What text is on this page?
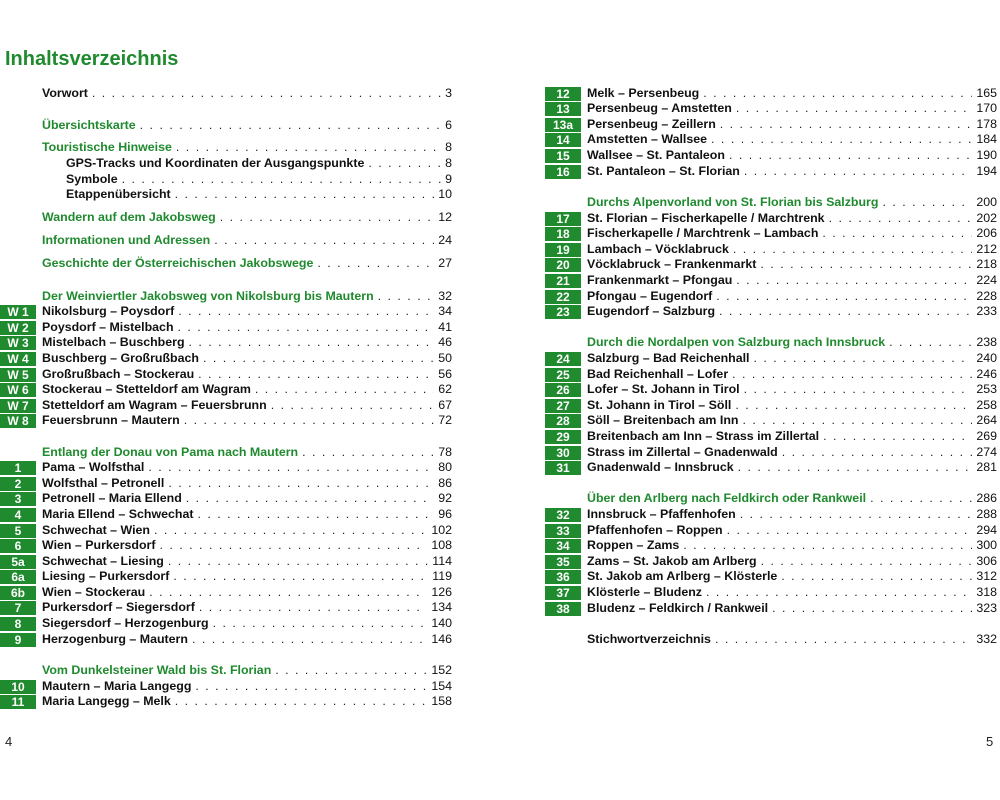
Inhaltsverzeichnis
Vorwort . . .	3
Übersichtskarte . . .	6
Touristische Hinweise . . .	8
GPS-Tracks und Koordinaten der Ausgangspunkte . . .	8
Symbole . . .	9
Etappenübersicht . . .	10
Wandern auf dem Jakobsweg . . .	12
Informationen und Adressen . . .	24
Geschichte der Österreichischen Jakobswege . . .	27
Der Weinviertler Jakobsweg von Nikolsburg bis Mautern . . .	32
W 1	Nikolsburg – Poysdorf . . .	34
W 2	Poysdorf – Mistelbach . . .	41
W 3	Mistelbach – Buschberg . . .	46
W 4	Buschberg – Großrußbach . . .	50
W 5	Großrußbach – Stockerau . . .	56
W 6	Stockerau – Stetteldorf am Wagram . . .	62
W 7	Stetteldorf am Wagram – Feuersbrunn . . .	67
W 8	Feuersbrunn – Mautern . . .	72
Entlang der Donau von Pama nach Mautern . . .	78
1	Pama – Wolfsthal . . .	80
2	Wolfsthal – Petronell . . .	86
3	Petronell – Maria Ellend . . .	92
4	Maria Ellend – Schwechat . . .	96
5	Schwechat – Wien . . .	102
6	Wien – Purkersdorf . . .	108
5a	Schwechat – Liesing . . .	114
6a	Liesing – Purkersdorf . . .	119
6b	Wien – Stockerau . . .	126
7	Purkersdorf – Siegersdorf . . .	134
8	Siegersdorf – Herzogenburg . . .	140
9	Herzogenburg – Mautern . . .	146
Vom Dunkelsteiner Wald bis St. Florian . . .	152
10	Mautern – Maria Langegg . . .	154
11	Maria Langegg – Melk . . .	158
12	Melk – Persenbeug . . .	165
13	Persenbeug – Amstetten . . .	170
13a	Persenbeug – Zeillern . . .	178
14	Amstetten – Wallsee . . .	184
15	Wallsee – St. Pantaleon . . .	190
16	St. Pantaleon – St. Florian . . .	194
Durchs Alpenvorland von St. Florian bis Salzburg . . .	200
17	St. Florian – Fischerkapelle / Marchtrenk . . .	202
18	Fischerkapelle / Marchtrenk – Lambach . . .	206
19	Lambach – Vöcklabruck . . .	212
20	Vöcklabruck – Frankenmarkt . . .	218
21	Frankenmarkt – Pfongau . . .	224
22	Pfongau – Eugendorf . . .	228
23	Eugendorf – Salzburg . . .	233
Durch die Nordalpen von Salzburg nach Innsbruck . . .	238
24	Salzburg – Bad Reichenhall . . .	240
25	Bad Reichenhall – Lofer . . .	246
26	Lofer – St. Johann in Tirol . . .	253
27	St. Johann in Tirol – Söll . . .	258
28	Söll – Breitenbach am Inn . . .	264
29	Breitenbach am Inn – Strass im Zillertal . . .	269
30	Strass im Zillertal – Gnadenwald . . .	274
31	Gnadenwald – Innsbruck . . .	281
Über den Arlberg nach Feldkirch oder Rankweil . . .	286
32	Innsbruck – Pfaffenhofen . . .	288
33	Pfaffenhofen – Roppen . . .	294
34	Roppen – Zams . . .	300
35	Zams – St. Jakob am Arlberg . . .	306
36	St. Jakob am Arlberg – Klösterle . . .	312
37	Klösterle – Bludenz . . .	318
38	Bludenz – Feldkirch / Rankweil . . .	323
Stichwortverzeichnis . . .	332
4	5
